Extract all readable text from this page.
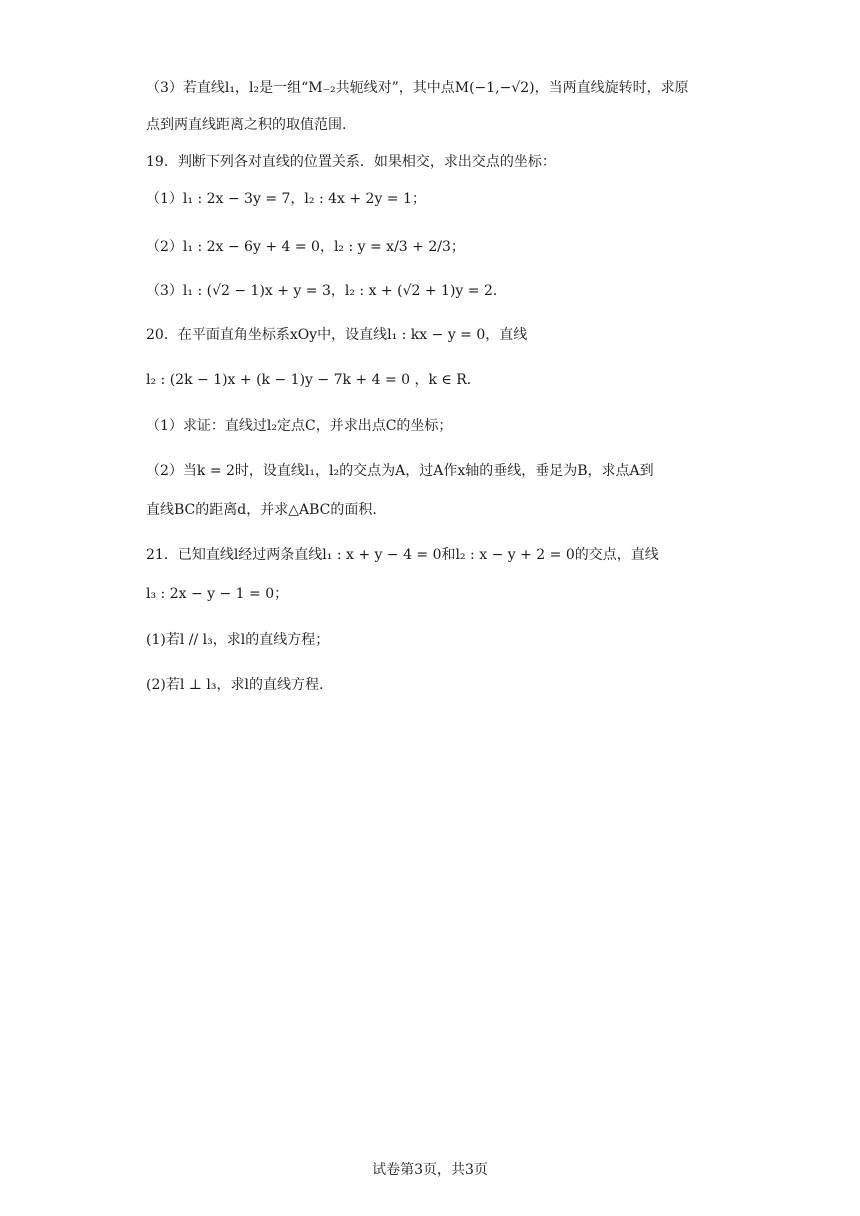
（3）若直线l₁，l₂是一组“M₋₂共轭线对”，其中点M(−1,−√2)，当两直线旋转时，求原
点到两直线距离之积的取值范围.
19．判断下列各对直线的位置关系．如果相交，求出交点的坐标：
（1）l₁ : 2x − 3y = 7，l₂ : 4x + 2y = 1；
（2）l₁ : 2x − 6y + 4 = 0，l₂ : y = x/3 + 2/3；
（3）l₁ : (√2 − 1)x + y = 3，l₂ : x + (√2 + 1)y = 2．
20．在平面直角坐标系xOy中，设直线l₁ : kx − y = 0，直线
l₂ : (2k − 1)x + (k − 1)y − 7k + 4 = 0 ，k ∈ R．
（1）求证：直线过l₂定点C，并求出点C的坐标；
（2）当k = 2时，设直线l₁，l₂的交点为A，过A作x轴的垂线，垂足为B，求点A到
直线BC的距离d，并求△ABC的面积.
21．已知直线l经过两条直线l₁ : x + y − 4 = 0和l₂ : x − y + 2 = 0的交点，直线
l₃ : 2x − y − 1 = 0；
(1)若l // l₃，求l的直线方程；
(2)若l ⊥ l₃，求l的直线方程.
试卷第3页，共3页
